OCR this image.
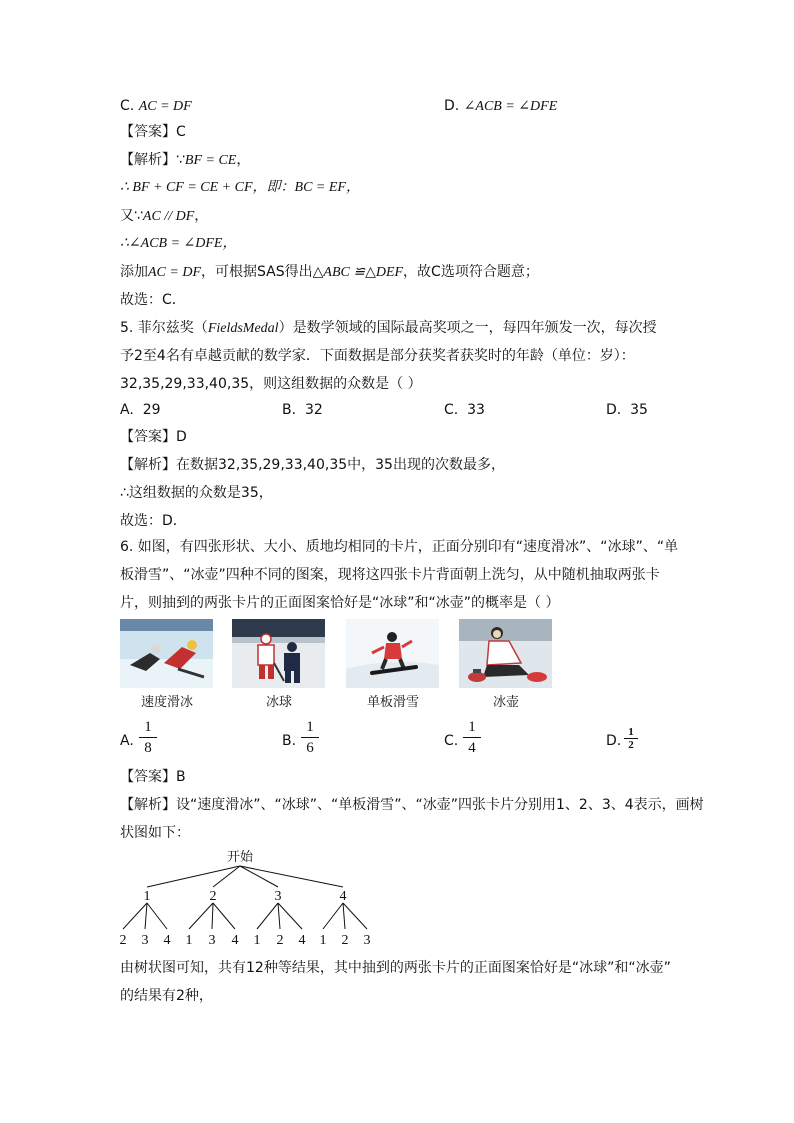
C. AC = DF	D. ∠ACB = ∠DFE
【答案】C
【解析】∵BF = CE，
∴ BF + CF = CE + CF，即：BC = EF，
又∵AC // DF，
∴∠ACB = ∠DFE，
添加AC = DF，可根据SAS得出△ABC ≌△DEF，故C选项符合题意；
故选：C．
5. 菲尔兹奖（FieldsMedal）是数学领域的国际最高奖项之一，每四年颁发一次，每次授
予2至4名有卓越贡献的数学家．下面数据是部分获奖者获奖时的年龄（单位：岁）：
32,35,29,33,40,35，则这组数据的众数是（ ）
A. 29	B. 32	C. 33	D. 35
【答案】D
【解析】在数据32,35,29,33,40,35中，35出现的次数最多，
∴这组数据的众数是35，
故选：D．
6. 如图，有四张形状、大小、质地均相同的卡片，正面分别印有“速度滑冰”、“冰球”、“单
板滑雪”、“冰壶”四种不同的图案，现将这四张卡片背面朝上洗匀，从中随机抽取两张卡
片，则抽到的两张卡片的正面图案恰好是“冰球”和“冰壶”的概率是（ ）
速度滑冰	冰球	单板滑雪	冰壶
A.
1
8	B.
1
6	C.
1
4	D.
1
2
【答案】B
【解析】设“速度滑冰”、“冰球”、“单板滑雪”、“冰壶”四张卡片分别用1、2、3、4表示，画树
状图如下：
开始
1	2	3	4
2 3 4 1 3 4 1 2 4 1 2 3
由树状图可知，共有12种等结果，其中抽到的两张卡片的正面图案恰好是“冰球”和“冰壶”
的结果有2种，
